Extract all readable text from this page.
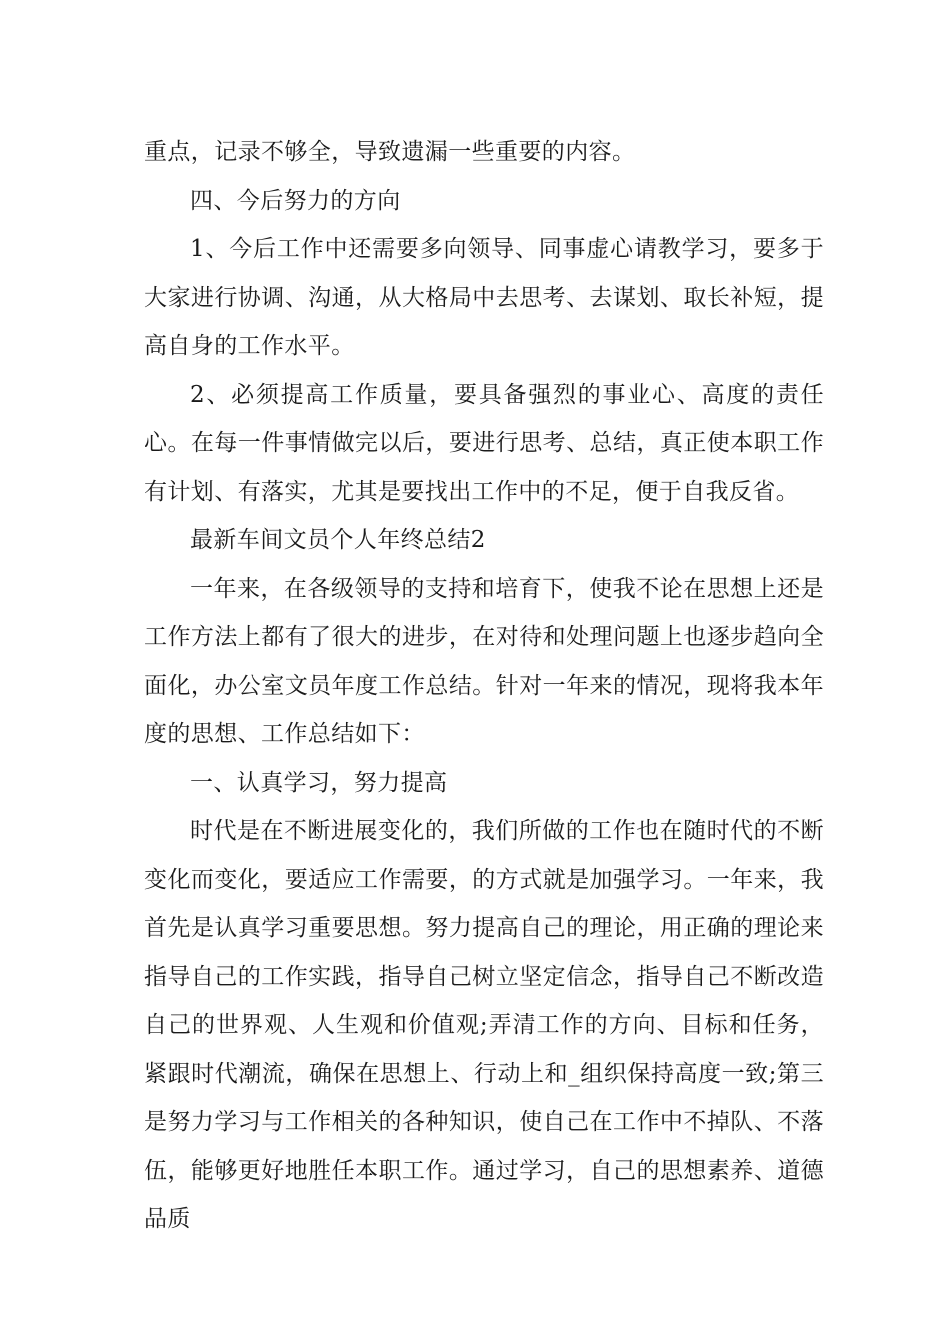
重点，记录不够全，导致遗漏一些重要的内容。

四、今后努力的方向

1、今后工作中还需要多向领导、同事虚心请教学习，要多于大家进行协调、沟通，从大格局中去思考、去谋划、取长补短，提高自身的工作水平。

2、必须提高工作质量，要具备强烈的事业心、高度的责任心。在每一件事情做完以后，要进行思考、总结，真正使本职工作有计划、有落实，尤其是要找出工作中的不足，便于自我反省。

最新车间文员个人年终总结2

一年来，在各级领导的支持和培育下，使我不论在思想上还是工作方法上都有了很大的进步，在对待和处理问题上也逐步趋向全面化，办公室文员年度工作总结。针对一年来的情况，现将我本年度的思想、工作总结如下：

一、认真学习，努力提高

时代是在不断进展变化的，我们所做的工作也在随时代的不断变化而变化，要适应工作需要，的方式就是加强学习。一年来，我首先是认真学习重要思想。努力提高自己的理论，用正确的理论来指导自己的工作实践，指导自己树立坚定信念，指导自己不断改造自己的世界观、人生观和价值观;弄清工作的方向、目标和任务，紧跟时代潮流，确保在思想上、行动上和_组织保持高度一致;第三是努力学习与工作相关的各种知识，使自己在工作中不掉队、不落伍，能够更好地胜任本职工作。通过学习，自己的思想素养、道德品质
